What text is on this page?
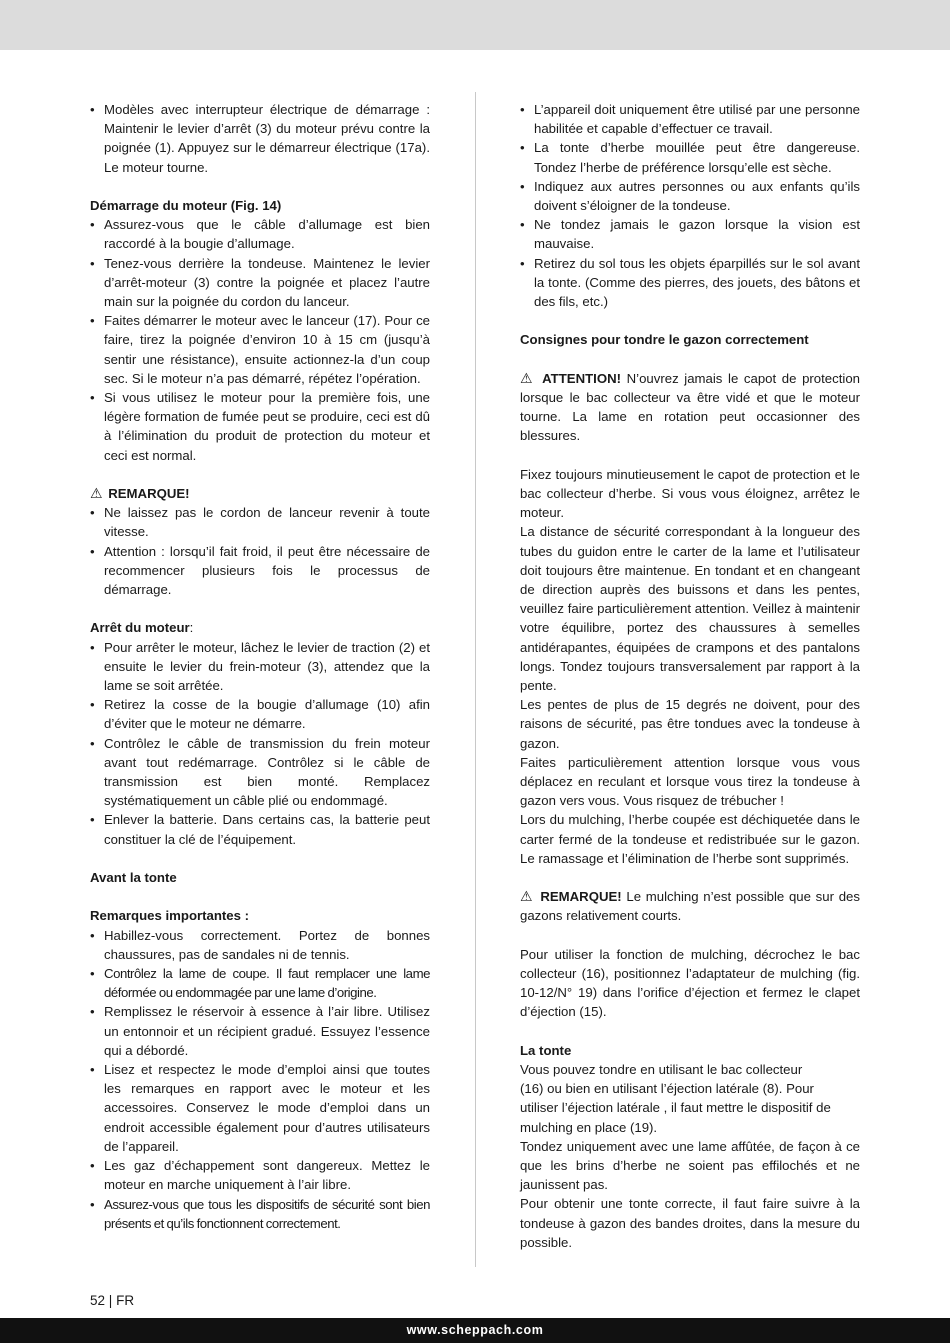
• Modèles avec interrupteur électrique de démarrage : Maintenir le levier d’arrêt (3) du moteur prévu contre la poignée (1). Appuyez sur le démarreur électrique (17a). Le moteur tourne.

Démarrage du moteur (Fig. 14)

• Assurez-vous que le câble d’allumage est bien raccordé à la bougie d’allumage.
• Tenez-vous derrière la tondeuse. Maintenez le levier d’arrêt-moteur (3) contre la poignée et placez l’autre main sur la poignée du cordon du lanceur.
• Faites démarrer le moteur avec le lanceur (17). Pour ce faire, tirez la poignée d’environ 10 à 15 cm (jusqu’à sentir une résistance), ensuite actionnez-la d’un coup sec. Si le moteur n’a pas démarré, répétez l’opération.
• Si vous utilisez le moteur pour la première fois, une légère formation de fumée peut se produire, ceci est dû à l’élimination du produit de protection du moteur et ceci est normal.

⚠ REMARQUE!

• Ne laissez pas le cordon de lanceur revenir à toute vitesse.
• Attention : lorsqu’il fait froid, il peut être nécessaire de recommencer plusieurs fois le processus de démarrage.

Arrêt du moteur:

• Pour arrêter le moteur, lâchez le levier de traction (2) et ensuite le levier du frein-moteur (3), attendez que la lame se soit arrêtée.
• Retirez la cosse de la bougie d’allumage (10) afin d’éviter que le moteur ne démarre.
• Contrôlez le câble de transmission du frein moteur avant tout redémarrage. Contrôlez si le câble de transmission est bien monté. Remplacez systématiquement un câble plié ou endommagé.
• Enlever la batterie. Dans certains cas, la batterie peut constituer la clé de l’équipement.

Avant la tonte

Remarques importantes :

• Habillez-vous correctement. Portez de bonnes chaussures, pas de sandales ni de tennis.
• Contrôlez la lame de coupe. Il faut remplacer une lame déformée ou endommagée par une lame d’origine.
• Remplissez le réservoir à essence à l’air libre. Utilisez un entonnoir et un récipient gradué. Essuyez l’essence qui a débordé.
• Lisez et respectez le mode d’emploi ainsi que toutes les remarques en rapport avec le moteur et les accessoires. Conservez le mode d’emploi dans un endroit accessible également pour d’autres utilisateurs de l’appareil.
• Les gaz d’échappement sont dangereux. Mettez le moteur en marche uniquement à l’air libre.
• Assurez-vous que tous les dispositifs de sécurité sont bien présents et qu’ils fonctionnent correctement.
• L’appareil doit uniquement être utilisé par une personne habilitée et capable d’effectuer ce travail.
• La tonte d’herbe mouillée peut être dangereuse. Tondez l’herbe de préférence lorsqu’elle est sèche.
• Indiquez aux autres personnes ou aux enfants qu’ils doivent s’éloigner de la tondeuse.
• Ne tondez jamais le gazon lorsque la vision est mauvaise.
• Retirez du sol tous les objets éparpillés sur le sol avant la tonte. (Comme des pierres, des jouets, des bâtons et des fils, etc.)

Consignes pour tondre le gazon correctement

⚠ ATTENTION! N’ouvrez jamais le capot de protection lorsque le bac collecteur va être vidé et que le moteur tourne. La lame en rotation peut occasionner des blessures.

Fixez toujours minutieusement le capot de protection et le bac collecteur d’herbe. Si vous vous éloignez, arrêtez le moteur.

La distance de sécurité correspondant à la longueur des tubes du guidon entre le carter de la lame et l’utilisateur doit toujours être maintenue. En tondant et en changeant de direction auprès des buissons et dans les pentes, veuillez faire particulièrement attention. Veillez à maintenir votre équilibre, portez des chaussures à semelles antidérapantes, équipées de crampons et des pantalons longs. Tondez toujours transversalement par rapport à la pente.

Les pentes de plus de 15 degrés ne doivent, pour des raisons de sécurité, pas être tondues avec la tondeuse à gazon.

Faites particulièrement attention lorsque vous vous déplacez en reculant et lorsque vous tirez la tondeuse à gazon vers vous. Vous risquez de trébucher !

Lors du mulching, l’herbe coupée est déchiquetée dans le carter fermé de la tondeuse et redistribuée sur le gazon. Le ramassage et l’élimination de l’herbe sont supprimés.

⚠ REMARQUE! Le mulching n’est possible que sur des gazons relativement courts.

Pour utiliser la fonction de mulching, décrochez le bac collecteur (16), positionnez l’adaptateur de mulching (fig. 10-12/N° 19) dans l’orifice d’éjection et fermez le clapet d’éjection (15).

La tonte

Vous pouvez tondre en utilisant le bac collecteur

(16) ou bien en utilisant l’éjection latérale (8). Pour

utiliser l’éjection latérale , il faut mettre le dispositif de

mulching en place (19).

Tondez uniquement avec une lame affûtée, de façon à ce que les brins d’herbe ne soient pas effilochés et ne jaunissent pas.

Pour obtenir une tonte correcte, il faut faire suivre à la tondeuse à gazon des bandes droites, dans la mesure du possible.

52 | FR
www.scheppach.com
